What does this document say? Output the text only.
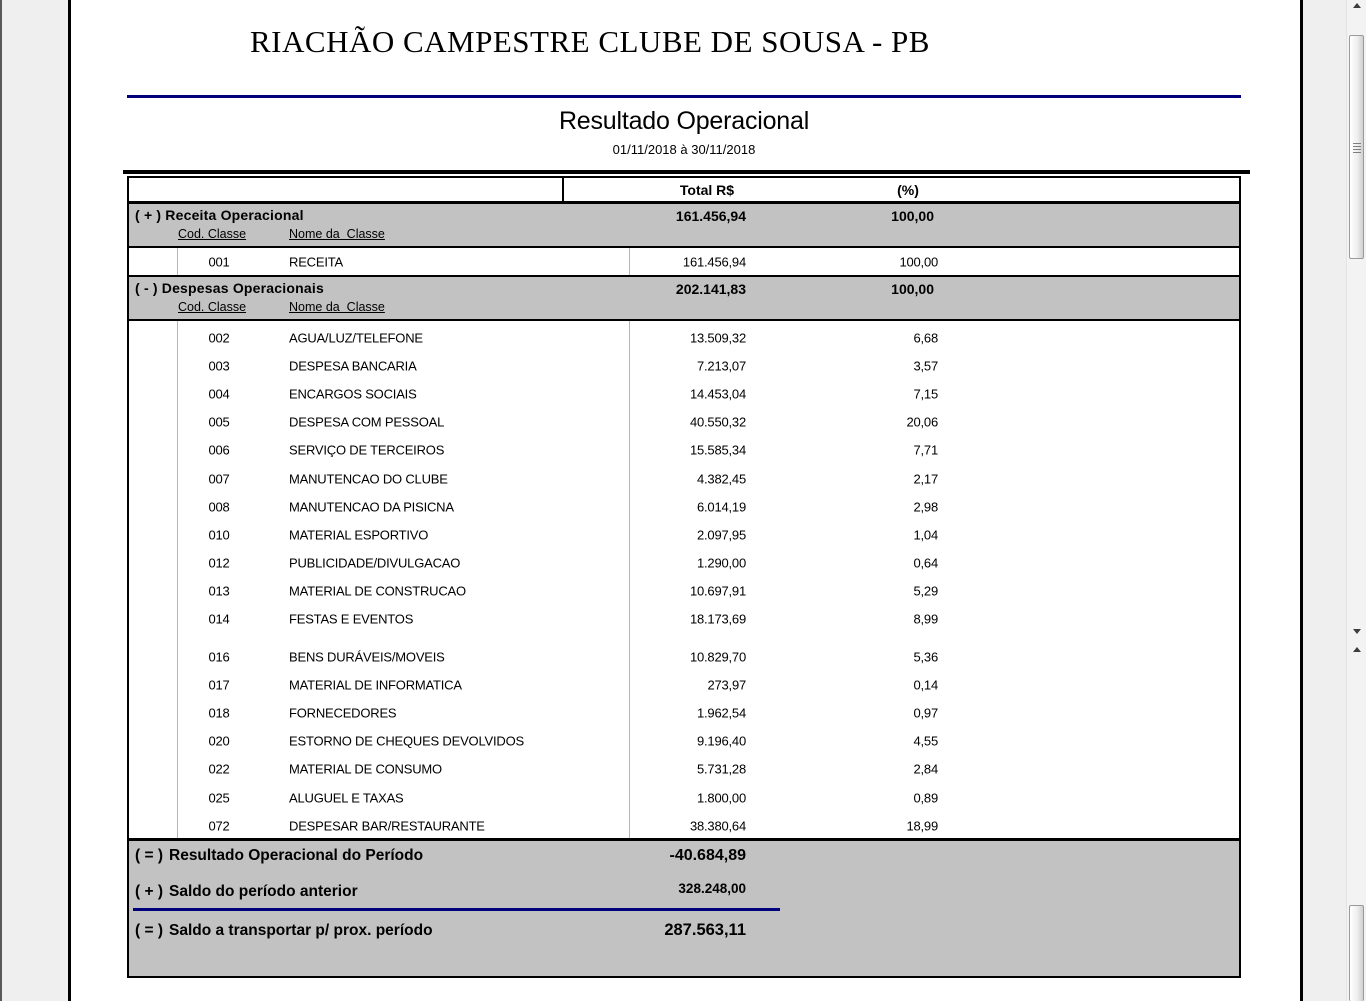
RIACHÃO CAMPESTRE CLUBE DE SOUSA - PB
Resultado Operacional
01/11/2018 à 30/11/2018
Total R$	(%)
( + ) Receita Operacional	161.456,94	100,00
Cod. Classe	Nome da  Classe
001	RECEITA	161.456,94	100,00
( - ) Despesas Operacionais	202.141,83	100,00
Cod. Classe	Nome da  Classe
002	AGUA/LUZ/TELEFONE	13.509,32	6,68
003	DESPESA BANCARIA	7.213,07	3,57
004	ENCARGOS SOCIAIS	14.453,04	7,15
005	DESPESA COM PESSOAL	40.550,32	20,06
006	SERVIÇO DE TERCEIROS	15.585,34	7,71
007	MANUTENCAO DO CLUBE	4.382,45	2,17
008	MANUTENCAO DA PISICNA	6.014,19	2,98
010	MATERIAL ESPORTIVO	2.097,95	1,04
012	PUBLICIDADE/DIVULGACAO	1.290,00	0,64
013	MATERIAL DE CONSTRUCAO	10.697,91	5,29
014	FESTAS E EVENTOS	18.173,69	8,99
016	BENS DURÁVEIS/MOVEIS	10.829,70	5,36
017	MATERIAL DE INFORMATICA	273,97	0,14
018	FORNECEDORES	1.962,54	0,97
020	ESTORNO DE CHEQUES DEVOLVIDOS	9.196,40	4,55
022	MATERIAL DE CONSUMO	5.731,28	2,84
025	ALUGUEL E TAXAS	1.800,00	0,89
072	DESPESAR BAR/RESTAURANTE	38.380,64	18,99
( = ) Resultado Operacional do Período	-40.684,89
( + ) Saldo do período anterior	328.248,00
( = ) Saldo a transportar p/ prox. período	287.563,11
